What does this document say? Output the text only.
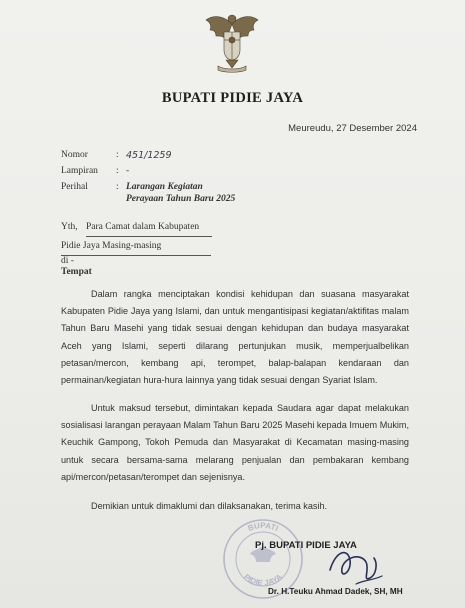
BUPATI PIDIE JAYA
Meureudu, 27 Desember 2024
Nomor	: 451/1259
Lampiran : -
Perihal	: Larangan Kegiatan
Perayaan Tahun Baru 2025
Yth, Para Camat dalam Kabupaten
Pidie Jaya Masing-masing
di -
Tempat
Dalam rangka menciptakan kondisi kehidupan dan suasana masyarakat Kabupaten Pidie Jaya yang Islami, dan untuk mengantisipasi kegiatan/aktifitas malam Tahun Baru Masehi yang tidak sesuai dengan kehidupan dan budaya masyarakat Aceh yang Islami, seperti dilarang pertunjukan musik, memperjualbelikan petasan/mercon, kembang api, terompet, balap-balapan kendaraan dan permainan/kegiatan hura-hura lainnya yang tidak sesuai dengan Syariat Islam.
Untuk maksud tersebut, dimintakan kepada Saudara agar dapat melakukan sosialisasi larangan perayaan Malam Tahun Baru 2025 Masehi kepada Imuem Mukim, Keuchik Gampong, Tokoh Pemuda dan Masyarakat di Kecamatan masing-masing untuk secara bersama-sama melarang penjualan dan pembakaran kembang api/mercon/petasan/terompet dan sejenisnya.
Demikian untuk dimaklumi dan dilaksanakan, terima kasih.
BUPATI
PIDIE JAYA
Pj. BUPATI PIDIE JAYA
Dr. H.Teuku Ahmad Dadek, SH, MH
